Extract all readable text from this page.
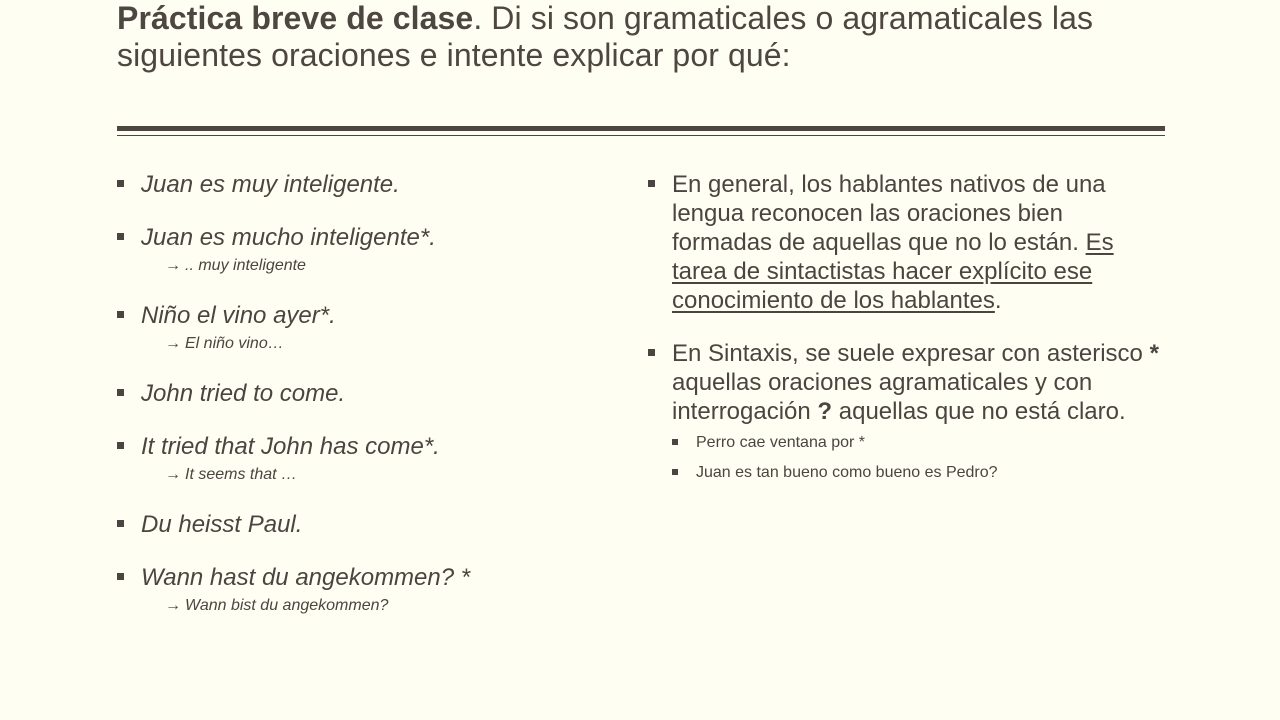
Práctica breve de clase. Di si son gramaticales o agramaticales las siguientes oraciones e intente explicar por qué:
Juan es muy inteligente.
Juan es mucho inteligente*.
→ .. muy inteligente
Niño el vino ayer*.
→ El niño vino…
John tried to come.
It tried that John has come*.
→ It seems that …
Du heisst Paul.
Wann hast du angekommen? *
→ Wann bist du angekommen?
En general, los hablantes nativos de una lengua reconocen las oraciones bien formadas de aquellas que no lo están. Es tarea de sintactistas hacer explícito ese conocimiento de los hablantes.
En Sintaxis, se suele expresar con asterisco * aquellas oraciones agramaticales y con interrogación ? aquellas que no está claro.
Perro cae ventana por *
Juan es tan bueno como bueno es Pedro?
